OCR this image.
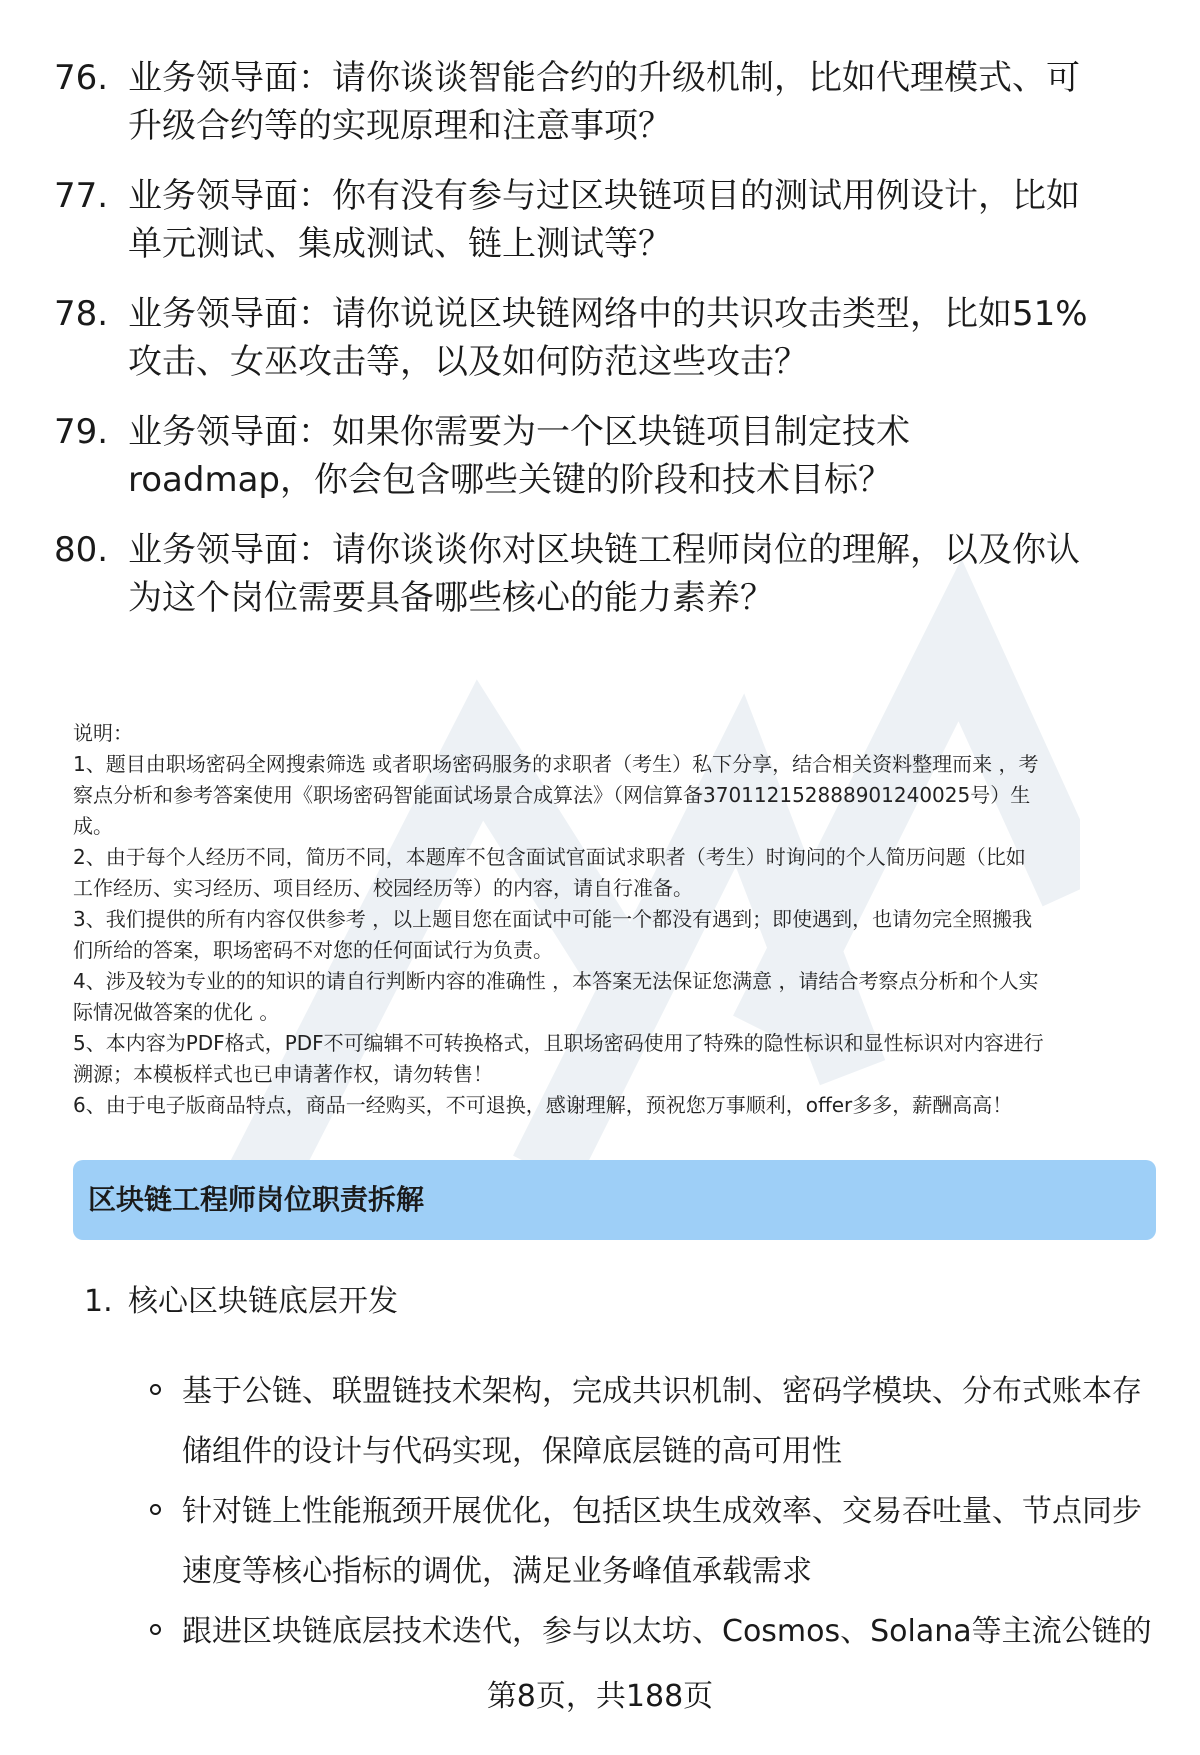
76. 业务领导面：请你谈谈智能合约的升级机制，比如代理模式、可
升级合约等的实现原理和注意事项？
77. 业务领导面：你有没有参与过区块链项目的测试用例设计，比如
单元测试、集成测试、链上测试等？
78. 业务领导面：请你说说区块链网络中的共识攻击类型，比如51%
攻击、女巫攻击等，以及如何防范这些攻击？
79. 业务领导面：如果你需要为一个区块链项目制定技术
roadmap，你会包含哪些关键的阶段和技术目标？
80. 业务领导面：请你谈谈你对区块链工程师岗位的理解，以及你认
为这个岗位需要具备哪些核心的能力素养？
说明：
1、题目由职场密码全网搜索筛选 或者职场密码服务的求职者（考生）私下分享，结合相关资料整理而来 ，考
察点分析和参考答案使用《职场密码智能面试场景合成算法》（网信算备370112152888901240025号）生
成。
2、由于每个人经历不同，简历不同，本题库不包含面试官面试求职者（考生）时询问的个人简历问题（比如
工作经历、实习经历、项目经历、校园经历等）的内容，请自行准备。
3、我们提供的所有内容仅供参考 ，以上题目您在面试中可能一个都没有遇到；即使遇到，也请勿完全照搬我
们所给的答案，职场密码不对您的任何面试行为负责。
4、涉及较为专业的的知识的请自行判断内容的准确性 ，本答案无法保证您满意 ，请结合考察点分析和个人实
际情况做答案的优化 。
5、本内容为PDF格式，PDF不可编辑不可转换格式，且职场密码使用了特殊的隐性标识和显性标识对内容进行
溯源；本模板样式也已申请著作权，请勿转售！
6、由于电子版商品特点，商品一经购买，不可退换，感谢理解，预祝您万事顺利，offer多多，薪酬高高！
区块链工程师岗位职责拆解
1. 核心区块链底层开发
基于公链、联盟链技术架构，完成共识机制、密码学模块、分布式账本存
储组件的设计与代码实现，保障底层链的高可用性
针对链上性能瓶颈开展优化，包括区块生成效率、交易吞吐量、节点同步
速度等核心指标的调优，满足业务峰值承载需求
跟进区块链底层技术迭代，参与以太坊、Cosmos、Solana等主流公链的
第8页，共188页
